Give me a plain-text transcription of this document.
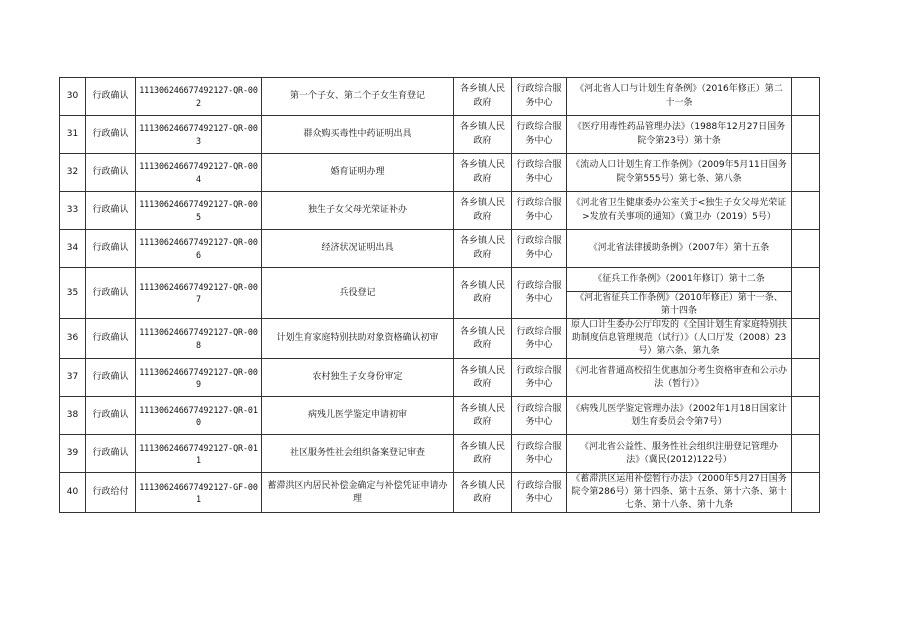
30	行政确认	111306246677492127-QR-002	第一个子女、第二个子女生育登记	各乡镇人民政府	行政综合服务中心	《河北省人口与计划生育条例》（2016年修正）第二十一条	
31	行政确认	111306246677492127-QR-003	群众购买毒性中药证明出具	各乡镇人民政府	行政综合服务中心	《医疗用毒性药品管理办法》（1988年12月27日国务院令第23号）第十条	
32	行政确认	111306246677492127-QR-004	婚育证明办理	各乡镇人民政府	行政综合服务中心	《流动人口计划生育工作条例》（2009年5月11日国务院令第555号）第七条、第八条	
33	行政确认	111306246677492127-QR-005	独生子女父母光荣证补办	各乡镇人民政府	行政综合服务中心	《河北省卫生健康委办公室关于<独生子女父母光荣证>发放有关事项的通知》（冀卫办（2019）5号）	
34	行政确认	111306246677492127-QR-006	经济状况证明出具	各乡镇人民政府	行政综合服务中心	《河北省法律援助条例》（2007年）第十五条	
35	行政确认	111306246677492127-QR-007	兵役登记	各乡镇人民政府	行政综合服务中心	《征兵工作条例》（2001年修订）第十二条	
						《河北省征兵工作条例》（2010年修正）第十一条、第十四条	
36	行政确认	111306246677492127-QR-008	计划生育家庭特别扶助对象资格确认初审	各乡镇人民政府	行政综合服务中心	原人口计生委办公厅印发的《全国计划生育家庭特别扶助制度信息管理规范（试行）》（人口厅发（2008）23号）第六条、第九条	
37	行政确认	111306246677492127-QR-009	农村独生子女身份审定	各乡镇人民政府	行政综合服务中心	《河北省普通高校招生优惠加分考生资格审查和公示办法（暂行）》	
38	行政确认	111306246677492127-QR-010	病残儿医学鉴定申请初审	各乡镇人民政府	行政综合服务中心	《病残儿医学鉴定管理办法》（2002年1月18日国家计划生育委员会令第7号）	
39	行政确认	111306246677492127-QR-011	社区服务性社会组织备案登记审查	各乡镇人民政府	行政综合服务中心	《河北省公益性、服务性社会组织注册登记管理办法》（冀民(2012)122号）	
40	行政给付	111306246677492127-GF-001	蓄滞洪区内居民补偿金确定与补偿凭证申请办理	各乡镇人民政府	行政综合服务中心	《蓄滞洪区运用补偿暂行办法》（2000年5月27日国务院令第286号）第十四条、第十五条、第十六条、第十七条、第十八条、第十九条	
